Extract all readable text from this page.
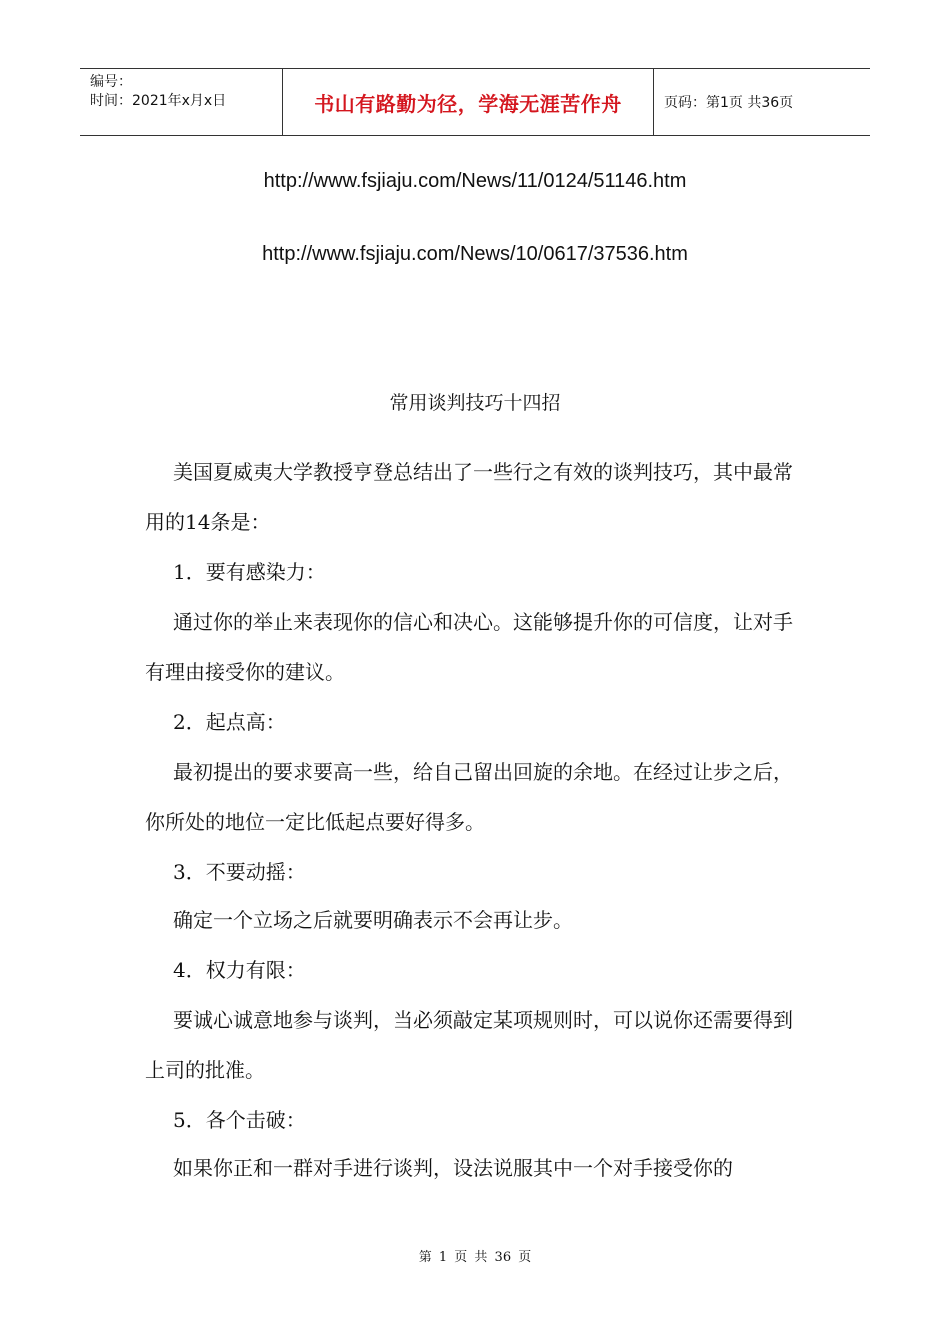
编号：
时间：2021年x月x日	书山有路勤为径，学海无涯苦作舟	页码：第1页 共36页
http://www.fsjiaju.com/News/11/0124/51146.htm
http://www.fsjiaju.com/News/10/0617/37536.htm
常用谈判技巧十四招
美国夏威夷大学教授亨登总结出了一些行之有效的谈判技巧，其中最常用的14条是：
1．要有感染力：
通过你的举止来表现你的信心和决心。这能够提升你的可信度，让对手有理由接受你的建议。
2．起点高：
最初提出的要求要高一些，给自己留出回旋的余地。在经过让步之后，你所处的地位一定比低起点要好得多。
3．不要动摇：
确定一个立场之后就要明确表示不会再让步。
4．权力有限：
要诚心诚意地参与谈判，当必须敲定某项规则时，可以说你还需要得到上司的批准。
5．各个击破：
如果你正和一群对手进行谈判，设法说服其中一个对手接受你的
第 1 页 共 36 页
